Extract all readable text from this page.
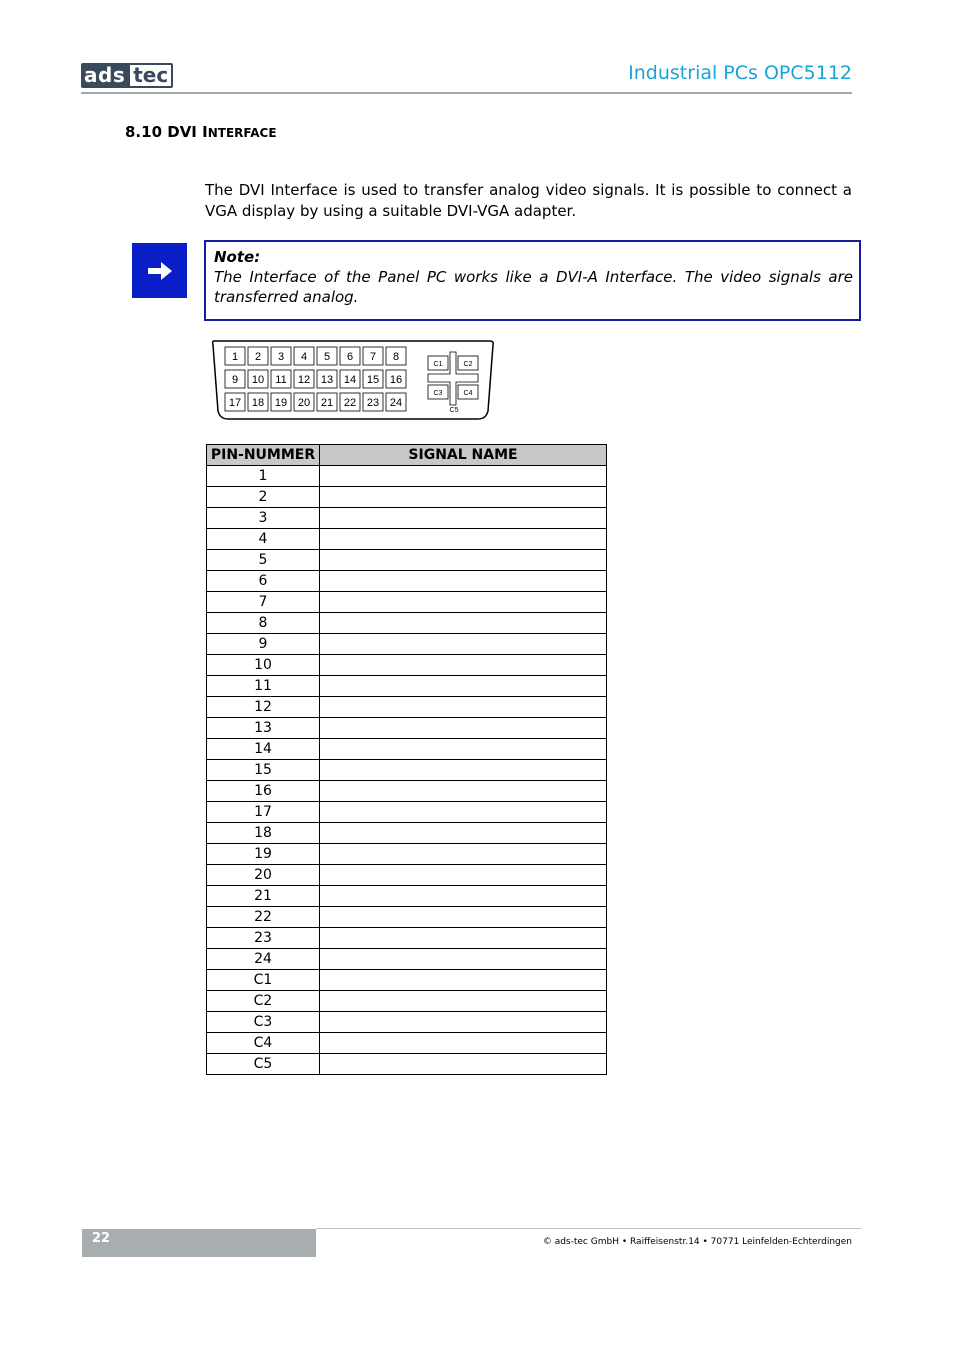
ads tec	Industrial PCs OPC5112
8.10 DVI INTERFACE
The DVI Interface is used to transfer analog video signals. It is possible to connect a VGA display by using a suitable DVI-VGA adapter.
Note:
The Interface of the Panel PC works like a DVI-A Interface. The video signals are transferred analog.
1 2 3 4 5 6 7 8
9 10 11 12 13 14 15 16
17 18 19 20 21 22 23 24
C1	C2
C3	C4
C5
PIN-NUMMER	SIGNAL NAME
1	
2	
3	
4	
5	
6	
7	
8	
9	
10	
11	
12	
13	
14	
15	
16	
17	
18	
19	
20	
21	
22	
23	
24	
C1	
C2	
C3	
C4	
C5	
22	© ads-tec GmbH • Raiffeisenstr.14 • 70771 Leinfelden-Echterdingen
